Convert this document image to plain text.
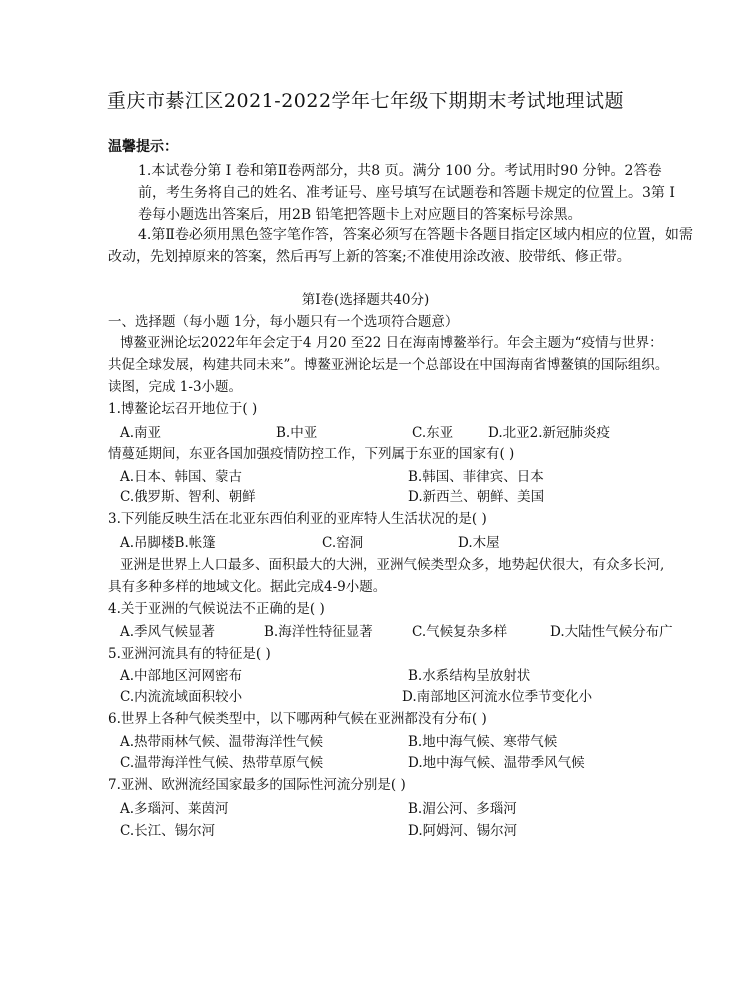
重庆市綦江区2021-2022学年七年级下期期末考试地理试题
温馨提示：
1.本试卷分第 I 卷和第Ⅱ卷两部分，共8 页。满分 100 分。考试用时90 分钟。2答卷
前，考生务将自己的姓名、准考证号、座号填写在试题卷和答题卡规定的位置上。3第 I
卷每小题选出答案后，用2B 铅笔把答题卡上对应题目的答案标号涂黑。
4.第Ⅱ卷必须用黑色签字笔作答，答案必须写在答题卡各题目指定区域内相应的位置，如需
改动，先划掉原来的答案，然后再写上新的答案;不准使用涂改液、胶带纸、修正带。
第Ⅰ卷(选择题共40分)
一、选择题（每小题 1分，每小题只有一个选项符合题意）
博鳌亚洲论坛2022年年会定于4 月20 至22 日在海南博鳌举行。年会主题为“疫情与世界：
共促全球发展，构建共同未来”。博鳌亚洲论坛是一个总部设在中国海南省博鳌镇的国际组织。
读图，完成 1-3小题。
1.博鳌论坛召开地位于( )
A.南亚	B.中亚	C.东亚	D.北亚2.新冠肺炎疫
情蔓延期间，东亚各国加强疫情防控工作，下列属于东亚的国家有( )
A.日本、韩国、蒙古	B.韩国、菲律宾、日本
C.俄罗斯、智利、朝鲜	D.新西兰、朝鲜、美国
3.下列能反映生活在北亚东西伯利亚的亚库特人生活状况的是( )
A.吊脚楼B.帐篷	C.窑洞	D.木屋
亚洲是世界上人口最多、面积最大的大洲，亚洲气候类型众多，地势起伏很大，有众多长河,
具有多种多样的地域文化。据此完成4-9小题。
4.关于亚洲的气候说法不正确的是( )
A.季风气候显著	B.海洋性特征显著	C.气候复杂多样	D.大陆性气候分布广
5.亚洲河流具有的特征是( )
A.中部地区河网密布	B.水系结构呈放射状
C.内流流域面积较小	D.南部地区河流水位季节变化小
6.世界上各种气候类型中，以下哪两种气候在亚洲都没有分布( )
A.热带雨林气候、温带海洋性气候	B.地中海气候、寒带气候
C.温带海洋性气候、热带草原气候	D.地中海气候、温带季风气候
7.亚洲、欧洲流经国家最多的国际性河流分别是( )
A.多瑙河、莱茵河	B.湄公河、多瑙河
C.长江、锡尔河	D.阿姆河、锡尔河
